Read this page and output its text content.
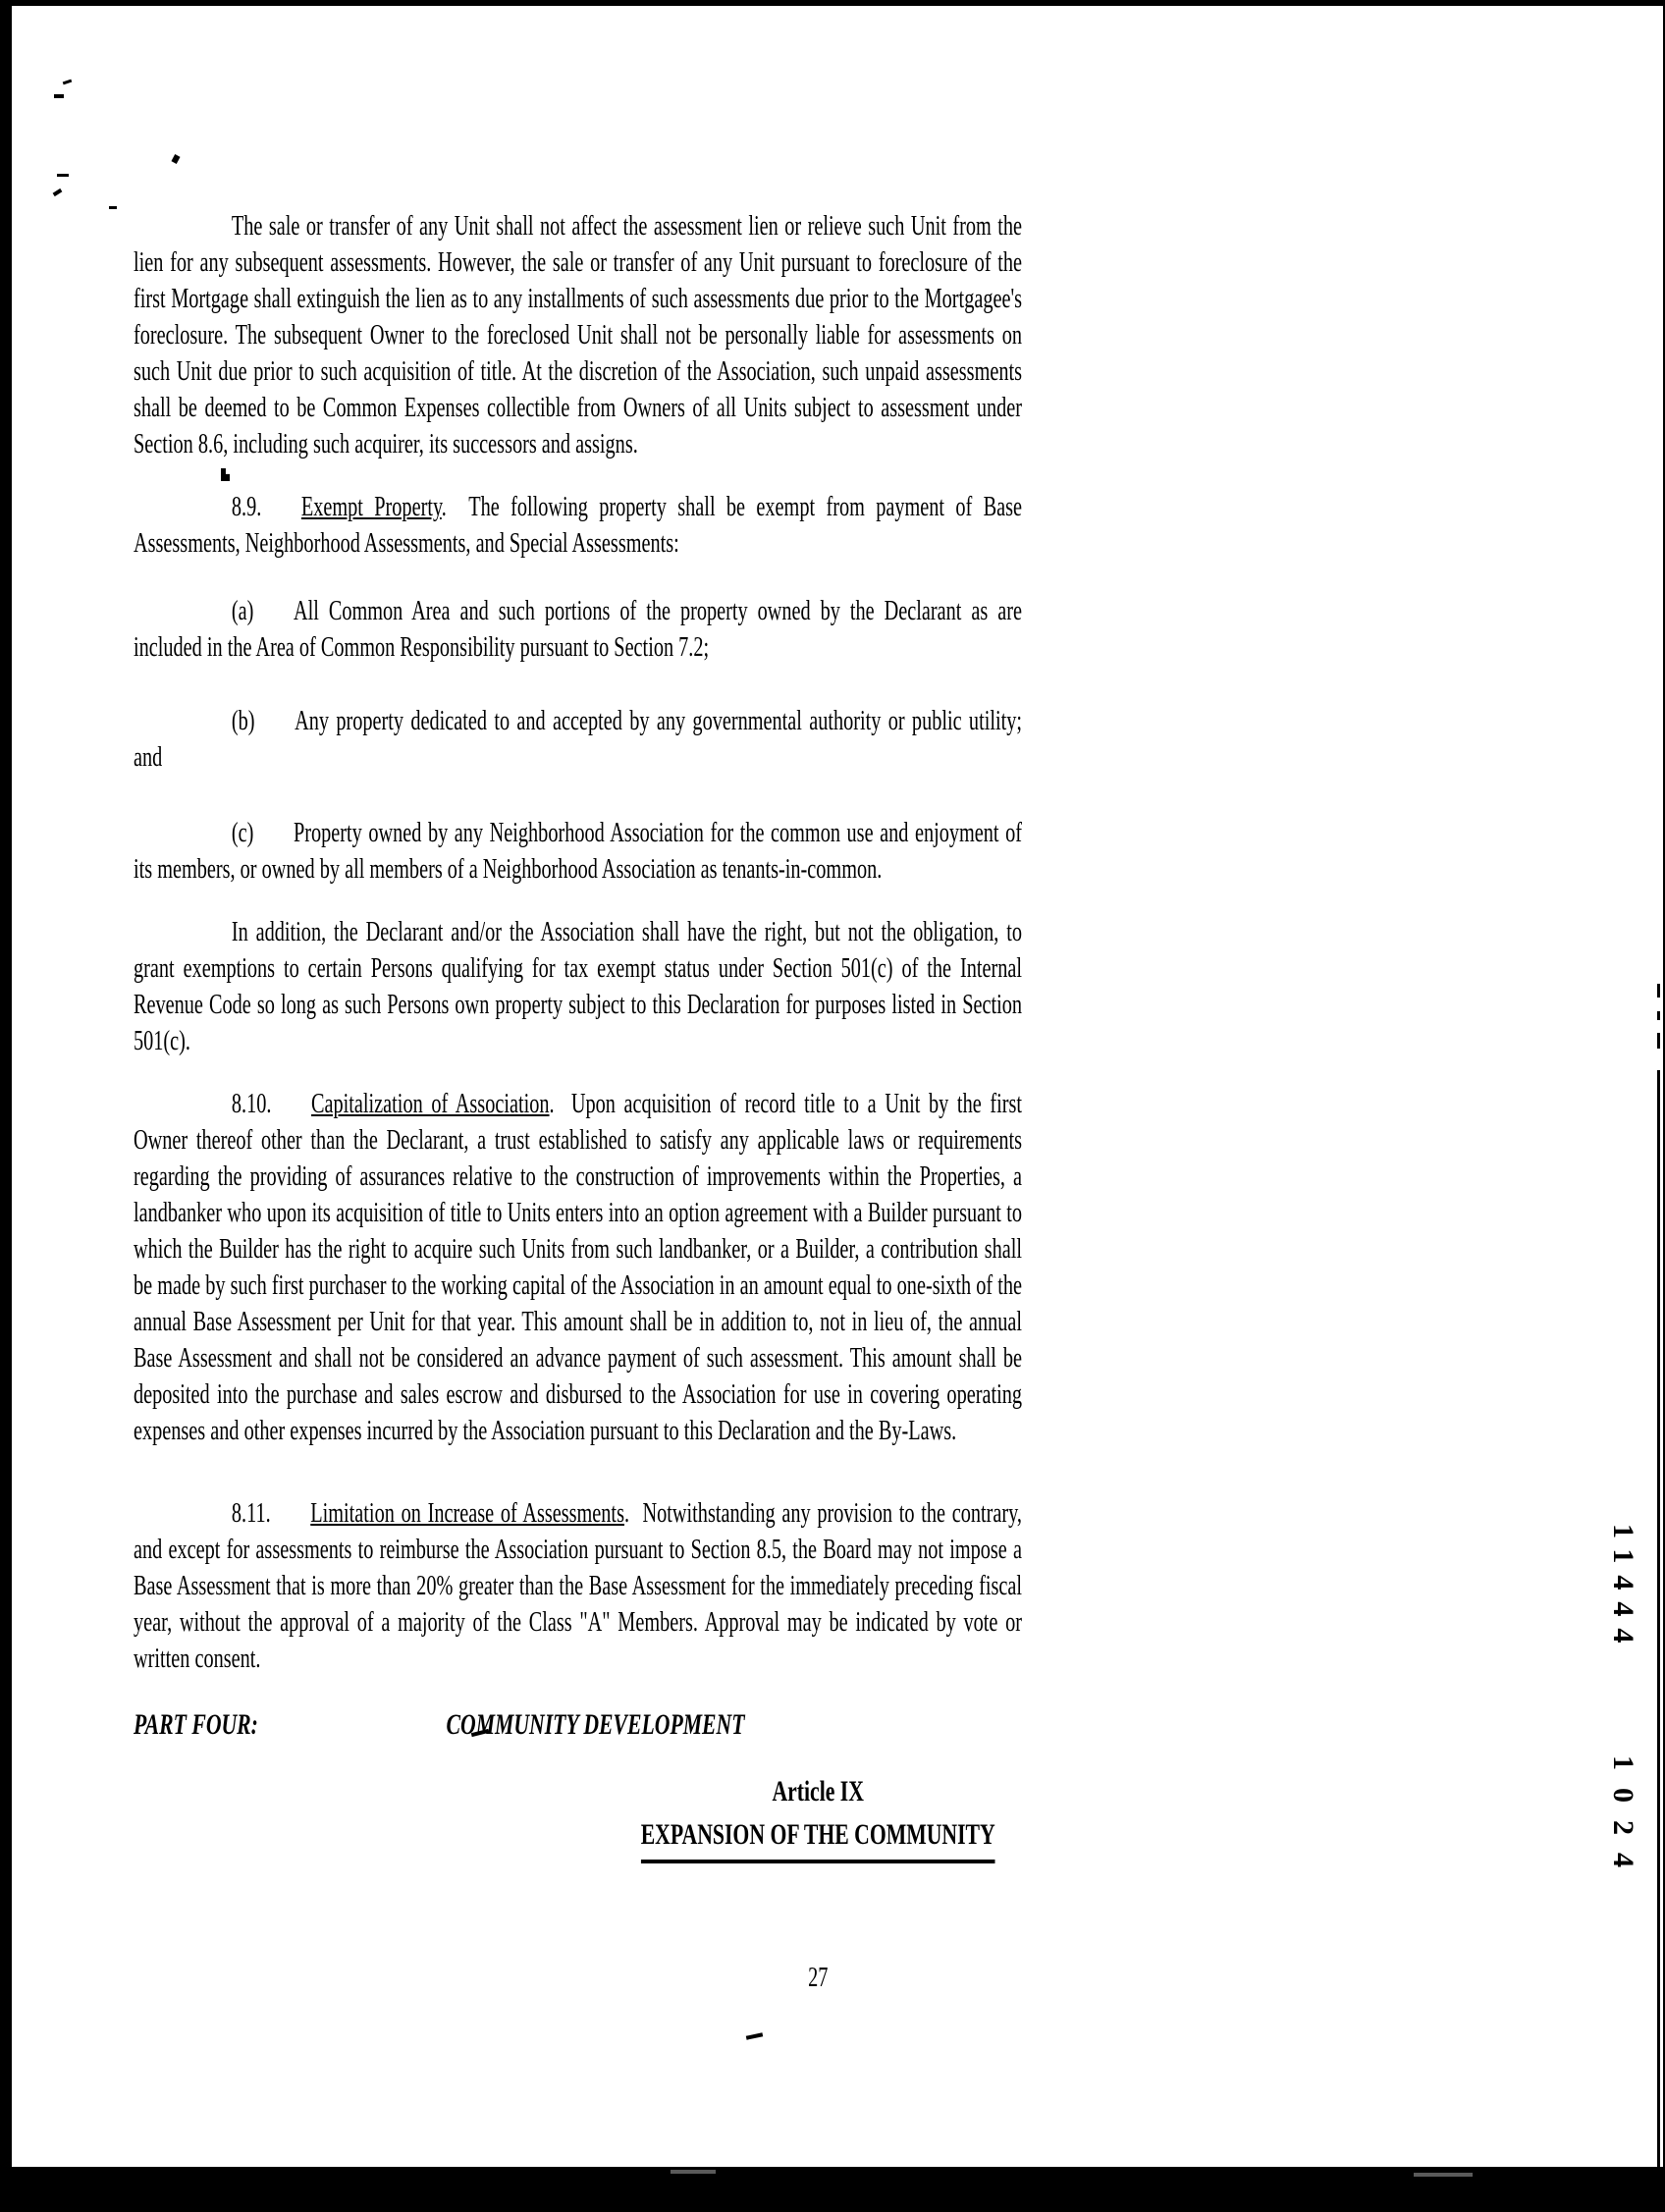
The sale or transfer of any Unit shall not affect the assessment lien or relieve such Unit from the lien for any subsequent assessments. However, the sale or transfer of any Unit pursuant to foreclosure of the first Mortgage shall extinguish the lien as to any installments of such assessments due prior to the Mortgagee's foreclosure. The subsequent Owner to the foreclosed Unit shall not be personally liable for assessments on such Unit due prior to such acquisition of title. At the discretion of the Association, such unpaid assessments shall be deemed to be Common Expenses collectible from Owners of all Units subject to assessment under Section 8.6, including such acquirer, its successors and assigns.

8.9. Exempt Property. The following property shall be exempt from payment of Base Assessments, Neighborhood Assessments, and Special Assessments:

(a) All Common Area and such portions of the property owned by the Declarant as are included in the Area of Common Responsibility pursuant to Section 7.2;

(b) Any property dedicated to and accepted by any governmental authority or public utility; and

(c) Property owned by any Neighborhood Association for the common use and enjoyment of its members, or owned by all members of a Neighborhood Association as tenants-in-common.

In addition, the Declarant and/or the Association shall have the right, but not the obligation, to grant exemptions to certain Persons qualifying for tax exempt status under Section 501(c) of the Internal Revenue Code so long as such Persons own property subject to this Declaration for purposes listed in Section 501(c).

8.10. Capitalization of Association. Upon acquisition of record title to a Unit by the first Owner thereof other than the Declarant, a trust established to satisfy any applicable laws or requirements regarding the providing of assurances relative to the construction of improvements within the Properties, a landbanker who upon its acquisition of title to Units enters into an option agreement with a Builder pursuant to which the Builder has the right to acquire such Units from such landbanker, or a Builder, a contribution shall be made by such first purchaser to the working capital of the Association in an amount equal to one-sixth of the annual Base Assessment per Unit for that year. This amount shall be in addition to, not in lieu of, the annual Base Assessment and shall not be considered an advance payment of such assessment. This amount shall be deposited into the purchase and sales escrow and disbursed to the Association for use in covering operating expenses and other expenses incurred by the Association pursuant to this Declaration and the By-Laws.

8.11. Limitation on Increase of Assessments. Notwithstanding any provision to the contrary, and except for assessments to reimburse the Association pursuant to Section 8.5, the Board may not impose a Base Assessment that is more than 20% greater than the Base Assessment for the immediately preceding fiscal year, without the approval of a majority of the Class "A" Members. Approval may be indicated by vote or written consent.

PART FOUR:	COMMUNITY DEVELOPMENT

Article IX
EXPANSION OF THE COMMUNITY
27
11444
1024
